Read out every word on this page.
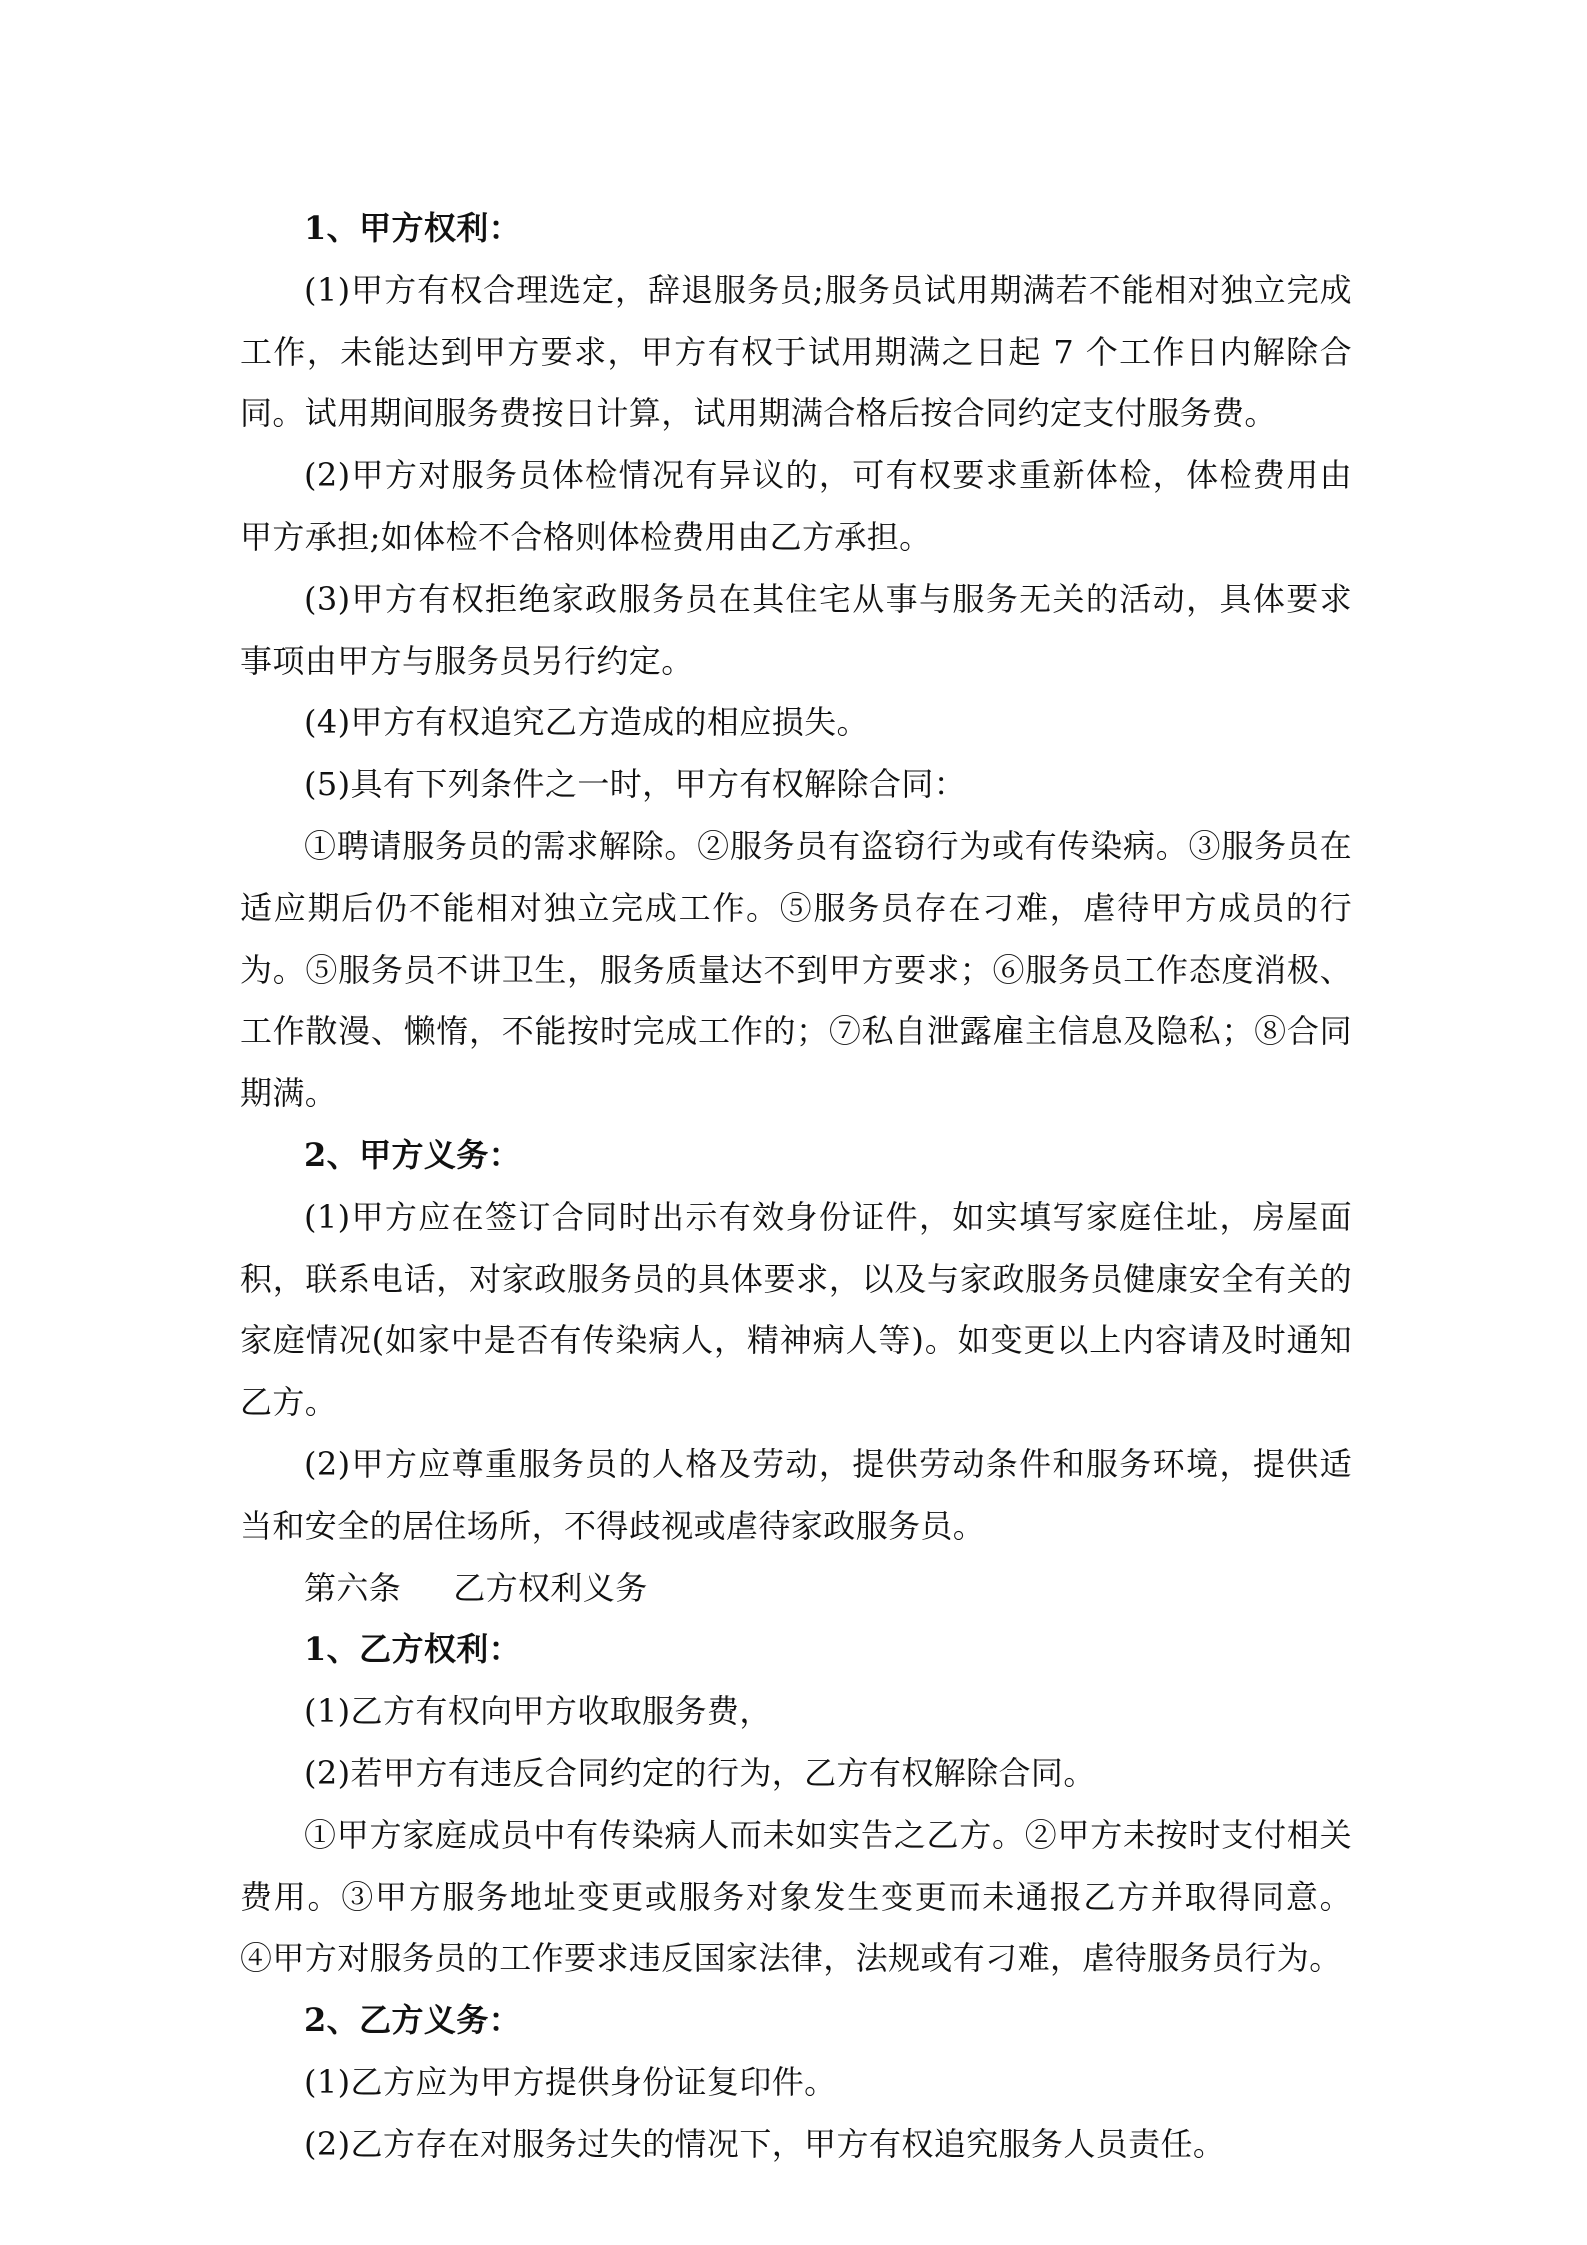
1、甲方权利：

(1)甲方有权合理选定，辞退服务员;服务员试用期满若不能相对独立完成工作，未能达到甲方要求，甲方有权于试用期满之日起 7 个工作日内解除合同。试用期间服务费按日计算，试用期满合格后按合同约定支付服务费。

(2)甲方对服务员体检情况有异议的，可有权要求重新体检，体检费用由甲方承担;如体检不合格则体检费用由乙方承担。

(3)甲方有权拒绝家政服务员在其住宅从事与服务无关的活动，具体要求事项由甲方与服务员另行约定。

(4)甲方有权追究乙方造成的相应损失。

(5)具有下列条件之一时，甲方有权解除合同：

①聘请服务员的需求解除。②服务员有盗窃行为或有传染病。③服务员在适应期后仍不能相对独立完成工作。⑤服务员存在刁难，虐待甲方成员的行为。⑤服务员不讲卫生，服务质量达不到甲方要求；⑥服务员工作态度消极、工作散漫、懒惰，不能按时完成工作的；⑦私自泄露雇主信息及隐私；⑧合同期满。

2、甲方义务：

(1)甲方应在签订合同时出示有效身份证件，如实填写家庭住址，房屋面积，联系电话，对家政服务员的具体要求，以及与家政服务员健康安全有关的家庭情况(如家中是否有传染病人，精神病人等)。如变更以上内容请及时通知乙方。

(2)甲方应尊重服务员的人格及劳动，提供劳动条件和服务环境，提供适当和安全的居住场所，不得歧视或虐待家政服务员。

第六条 乙方权利义务

1、乙方权利：

(1)乙方有权向甲方收取服务费，

(2)若甲方有违反合同约定的行为，乙方有权解除合同。

①甲方家庭成员中有传染病人而未如实告之乙方。②甲方未按时支付相关费用。③甲方服务地址变更或服务对象发生变更而未通报乙方并取得同意。 ④甲方对服务员的工作要求违反国家法律，法规或有刁难，虐待服务员行为。

2、乙方义务：

(1)乙方应为甲方提供身份证复印件。

(2)乙方存在对服务过失的情况下，甲方有权追究服务人员责任。
